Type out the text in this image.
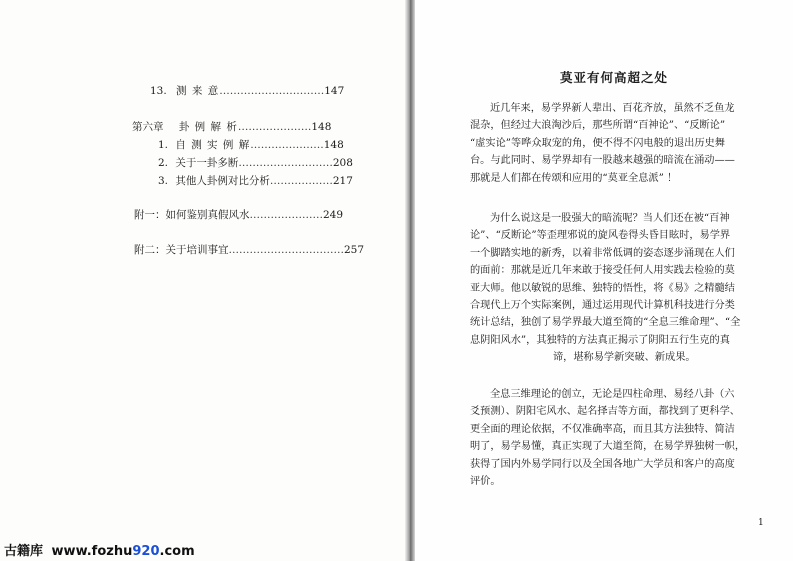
13. 测 来 意…………………………147
第六章 卦 例 解 析…………………148
1. 自 测 实 例 解…………………148
2. 关于一卦多断………………………208
3. 其他人卦例对比分析………………217
附一：如何鉴别真假风水…………………249
附二：关于培训事宜……………………………257
莫亚有何高超之处
近几年来，易学界新人辈出、百花齐放，虽然不乏鱼龙
混杂，但经过大浪淘沙后，那些所谓“百神论”、“反断论”
“虚实论”等哗众取宠的角，便不得不闪电般的退出历史舞
台。与此同时、易学界却有一股越来越强的暗流在涌动——
那就是人们都在传颂和应用的“莫亚全息派” ！
为什么说这是一股强大的暗流呢？当人们还在被“百神
论”、“反断论”等歪理邪说的旋风卷得头昏目眩时，易学界
一个脚踏实地的新秀，以着非常低调的姿态逐步涌现在人们
的面前：那就是近几年来敢于接受任何人用实践去检验的莫
亚大师。他以敏锐的思维、独特的悟性，将《易》之精髓结
合现代上万个实际案例，通过运用现代计算机科技进行分类
统计总结，独创了易学界最大道至简的“全息三维命理”、“全
息阴阳风水”，其独特的方法真正揭示了阴阳五行生克的真
谛，堪称易学新突破、新成果。
全息三维理论的创立，无论是四柱命理、易经八卦（六
爻预测）、阴阳宅风水、起名择吉等方面，都找到了更科学、
更全面的理论依据，不仅准确率高，而且其方法独特、简洁
明了，易学易懂，真正实现了大道至简，在易学界独树一帜，
获得了国内外易学同行以及全国各地广大学员和客户的高度
评价。
1
古籍库 www.fozhu920.com
